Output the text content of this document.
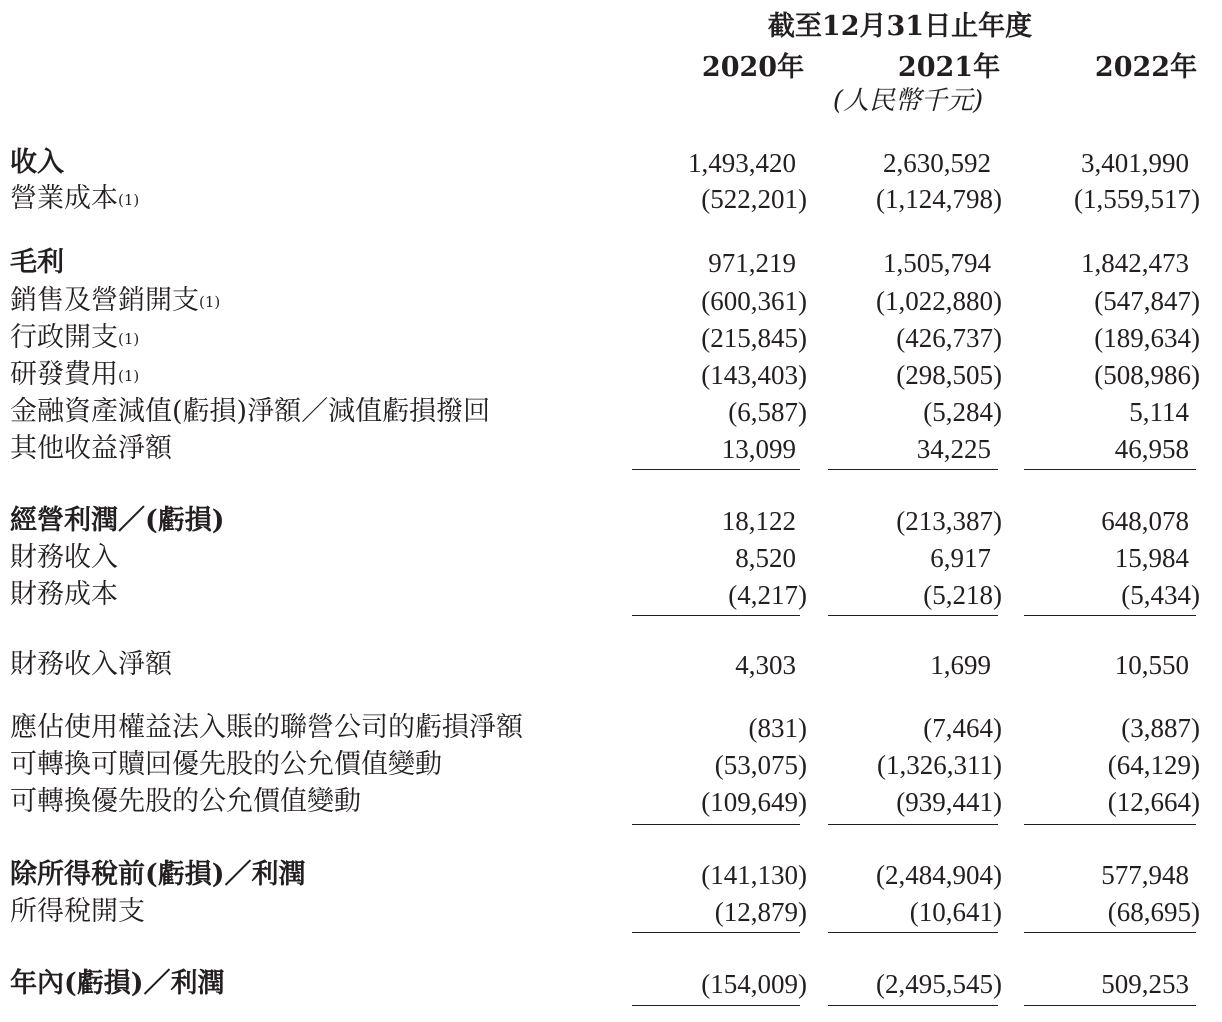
截至12月31日止年度
2020年	2021年	2022年
(人民幣千元)
收入	1,493,420	2,630,592	3,401,990
營業成本$^{(1)}$	(522,201)	(1,124,798)	(1,559,517)
毛利	971,219	1,505,794	1,842,473
銷售及營銷開支$^{(1)}$	(600,361)	(1,022,880)	(547,847)
行政開支$^{(1)}$	(215,845)	(426,737)	(189,634)
研發費用$^{(1)}$	(143,403)	(298,505)	(508,986)
金融資產減值(虧損)淨額／減值虧損撥回	(6,587)	(5,284)	5,114
其他收益淨額	13,099	34,225	46,958
經營利潤／(虧損)	18,122	(213,387)	648,078
財務收入	8,520	6,917	15,984
財務成本	(4,217)	(5,218)	(5,434)
財務收入淨額	4,303	1,699	10,550
應佔使用權益法入賬的聯營公司的虧損淨額	(831)	(7,464)	(3,887)
可轉換可贖回優先股的公允價值變動	(53,075)	(1,326,311)	(64,129)
可轉換優先股的公允價值變動	(109,649)	(939,441)	(12,664)
除所得稅前(虧損)／利潤	(141,130)	(2,484,904)	577,948
所得稅開支	(12,879)	(10,641)	(68,695)
年內(虧損)／利潤	(154,009)	(2,495,545)	509,253
